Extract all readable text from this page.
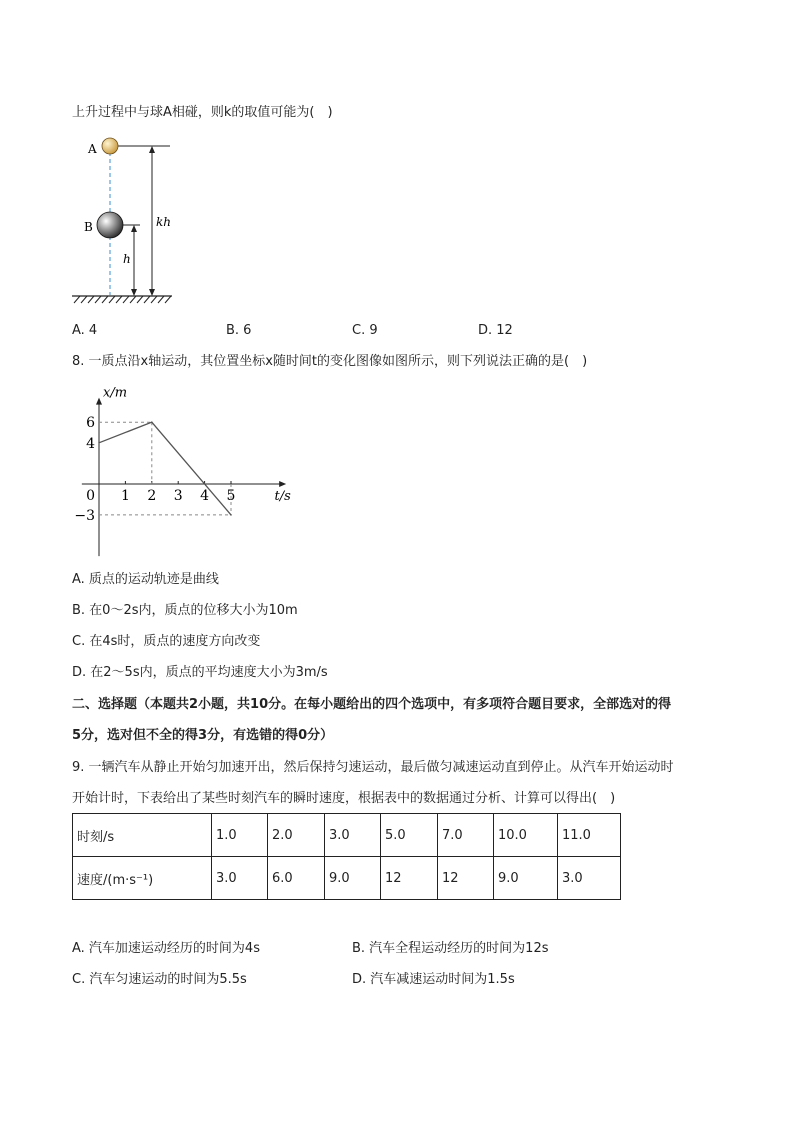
上升过程中与球A相碰，则k的取值可能为(　)
A
B	kh
h
A. 4	B. 6	C. 9	D. 12
8. 一质点沿x轴运动，其位置坐标x随时间t的变化图像如图所示，则下列说法正确的是(　)
x/m
t/s
0 1 2 3 4 5
6
4
−3
A. 质点的运动轨迹是曲线
B. 在0～2s内，质点的位移大小为10m
C. 在4s时，质点的速度方向改变
D. 在2～5s内，质点的平均速度大小为3m/s
二、选择题（本题共2小题，共10分。在每小题给出的四个选项中，有多项符合题目要求，全部选对的得
5分，选对但不全的得3分，有选错的得0分）
9. 一辆汽车从静止开始匀加速开出，然后保持匀速运动，最后做匀减速运动直到停止。从汽车开始运动时
开始计时，下表给出了某些时刻汽车的瞬时速度，根据表中的数据通过分析、计算可以得出(　)
时刻/s	1.0	2.0	3.0	5.0	7.0	10.0	11.0
速度/(m·s⁻¹)	3.0	6.0	9.0	12	12	9.0	3.0
A. 汽车加速运动经历的时间为4s	B. 汽车全程运动经历的时间为12s
C. 汽车匀速运动的时间为5.5s	D. 汽车减速运动时间为1.5s
